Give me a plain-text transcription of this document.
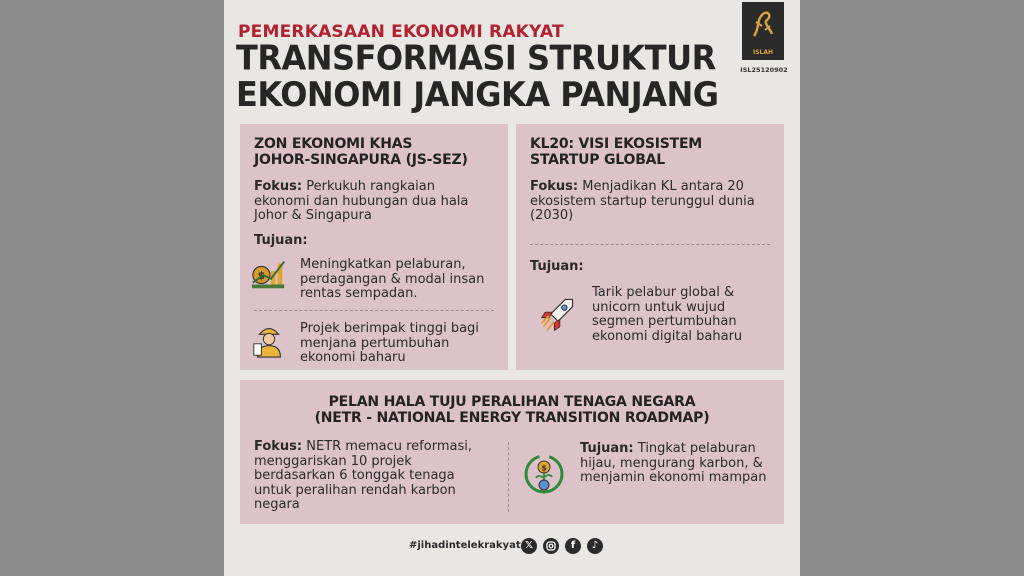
PEMERKASAAN EKONOMI RAKYAT
TRANSFORMASI STRUKTUR
EKONOMI JANGKA PANJANG
ISLAH
ISL25120902
ZON EKONOMI KHAS
JOHOR-SINGAPURA (JS-SEZ)
Fokus: Perkukuh rangkaian ekonomi dan hubungan dua hala Johor & Singapura
Tujuan:
$
Meningkatkan pelaburan, perdagangan & modal insan rentas sempadan.
Projek berimpak tinggi bagi menjana pertumbuhan ekonomi baharu
KL20: VISI EKOSISTEM
STARTUP GLOBAL
Fokus: Menjadikan KL antara 20 ekosistem startup terunggul dunia (2030)
Tujuan:
Tarik pelabur global & unicorn untuk wujud segmen pertumbuhan ekonomi digital baharu
PELAN HALA TUJU PERALIHAN TENAGA NEGARA
(NETR - NATIONAL ENERGY TRANSITION ROADMAP)
Fokus: NETR memacu reformasi, menggariskan 10 projek berdasarkan 6 tonggak tenaga untuk peralihan rendah karbon negara
$
Tujuan: Tingkat pelaburan hijau, mengurang karbon, & menjamin ekonomi mampan
#jihadintelekrakyat 𝕏	f	♪
